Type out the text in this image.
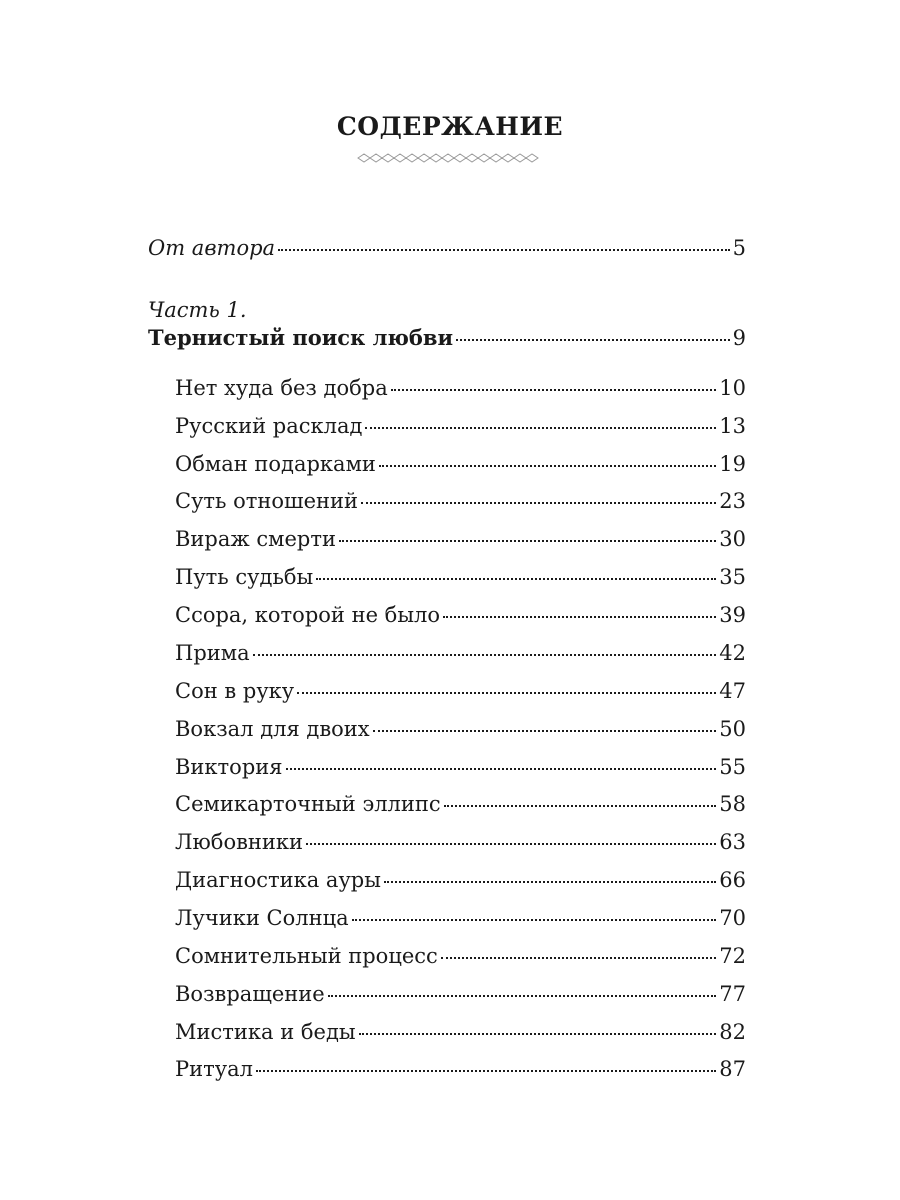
СОДЕРЖАНИЕ
От автора	5
Часть 1.
Тернистый поиск любви	9
Нет худа без добра	10
Русский расклад	13
Обман подарками	19
Суть отношений	23
Вираж смерти	30
Путь судьбы	35
Ссора, которой не было	39
Прима	42
Сон в руку	47
Вокзал для двоих	50
Виктория	55
Семикарточный эллипс	58
Любовники	63
Диагностика ауры	66
Лучики Солнца	70
Сомнительный процесс	72
Возвращение	77
Мистика и беды	82
Ритуал	87
